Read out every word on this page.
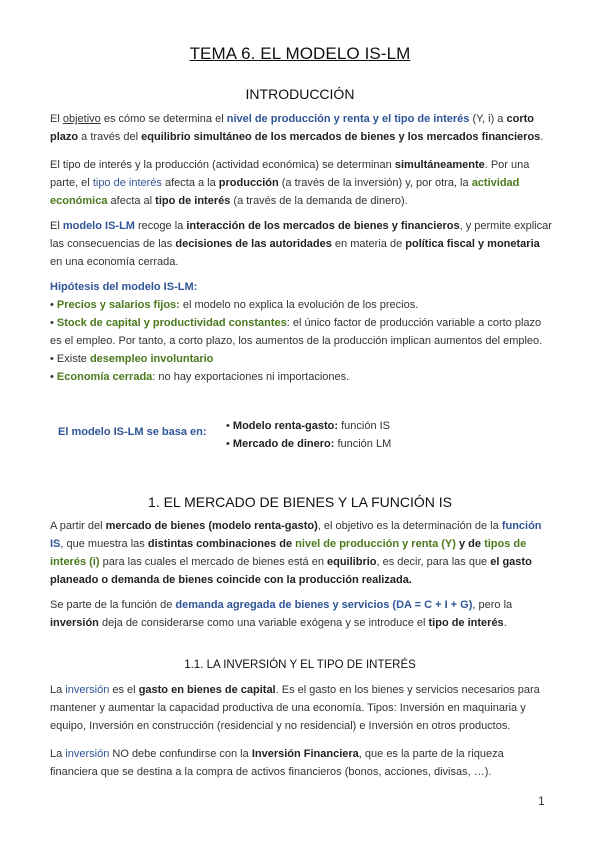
TEMA 6. EL MODELO IS-LM
INTRODUCCIÓN

El objetivo es cómo se determina el nivel de producción y renta y el tipo de interés (Y, i) a corto plazo a través del equilibrio simultáneo de los mercados de bienes y los mercados financieros.

El tipo de interés y la producción (actividad económica) se determinan simultáneamente. Por una parte, el tipo de interés afecta a la producción (a través de la inversión) y, por otra, la actividad económica afecta al tipo de interés (a través de la demanda de dinero).

El modelo IS-LM recoge la interacción de los mercados de bienes y financieros, y permite explicar las consecuencias de las decisiones de las autoridades en materia de política fiscal y monetaria en una economía cerrada.

Hipótesis del modelo IS-LM:
• Precios y salarios fijos: el modelo no explica la evolución de los precios.
• Stock de capital y productividad constantes: el único factor de producción variable a corto plazo es el empleo. Por tanto, a corto plazo, los aumentos de la producción implican aumentos del empleo.
• Existe desempleo involuntario
• Economía cerrada: no hay exportaciones ni importaciones.
El modelo IS-LM se basa en: • Modelo renta-gasto: función IS
• Mercado de dinero: función LM
1. EL MERCADO DE BIENES Y LA FUNCIÓN IS

A partir del mercado de bienes (modelo renta-gasto), el objetivo es la determinación de la función IS, que muestra las distintas combinaciones de nivel de producción y renta (Y) y de tipos de interés (i) para las cuales el mercado de bienes está en equilibrio, es decir, para las que el gasto planeado o demanda de bienes coincide con la producción realizada.

Se parte de la función de demanda agregada de bienes y servicios (DA = C + I + G), pero la inversión deja de considerarse como una variable exógena y se introduce el tipo de interés.

1.1. LA INVERSIÓN Y EL TIPO DE INTERÉS

La inversión es el gasto en bienes de capital. Es el gasto en los bienes y servicios necesarios para mantener y aumentar la capacidad productiva de una economía. Tipos: Inversión en maquinaria y equipo, Inversión en construcción (residencial y no residencial) e Inversión en otros productos.

La inversión NO debe confundirse con la Inversión Financiera, que es la parte de la riqueza financiera que se destina a la compra de activos financieros (bonos, acciones, divisas, …).

1
